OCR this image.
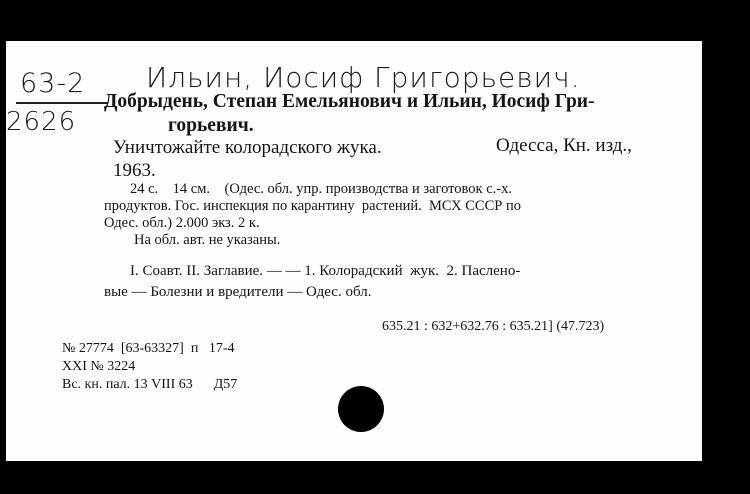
63-2
2626
Ильин, Иосиф Григорьевич.
Добрыдень, Степан Емельянович и Ильин, Иосиф Гри-
горьевич.
Уничтожайте колорадского жука.	Одесса, Кн. изд.,
1963.
24 с.    14 см.    (Одес. обл. упр. производства и заготовок с.-х.
продуктов. Гос. инспекция по карантину  растений.  МСХ СССР по
Одес. обл.) 2.000 экз. 2 к.
На обл. авт. не указаны.
I. Соавт. II. Заглавие. — — 1. Колорадский  жук.  2. Пасленo-
вые — Болезни и вредители — Одес. обл.
635.21 : 632+632.76 : 635.21] (47.723)
№ 27774  [63-63327]  п   17-4
XXI № 3224
Вс. кн. пал. 13 VIII 63      Д57
